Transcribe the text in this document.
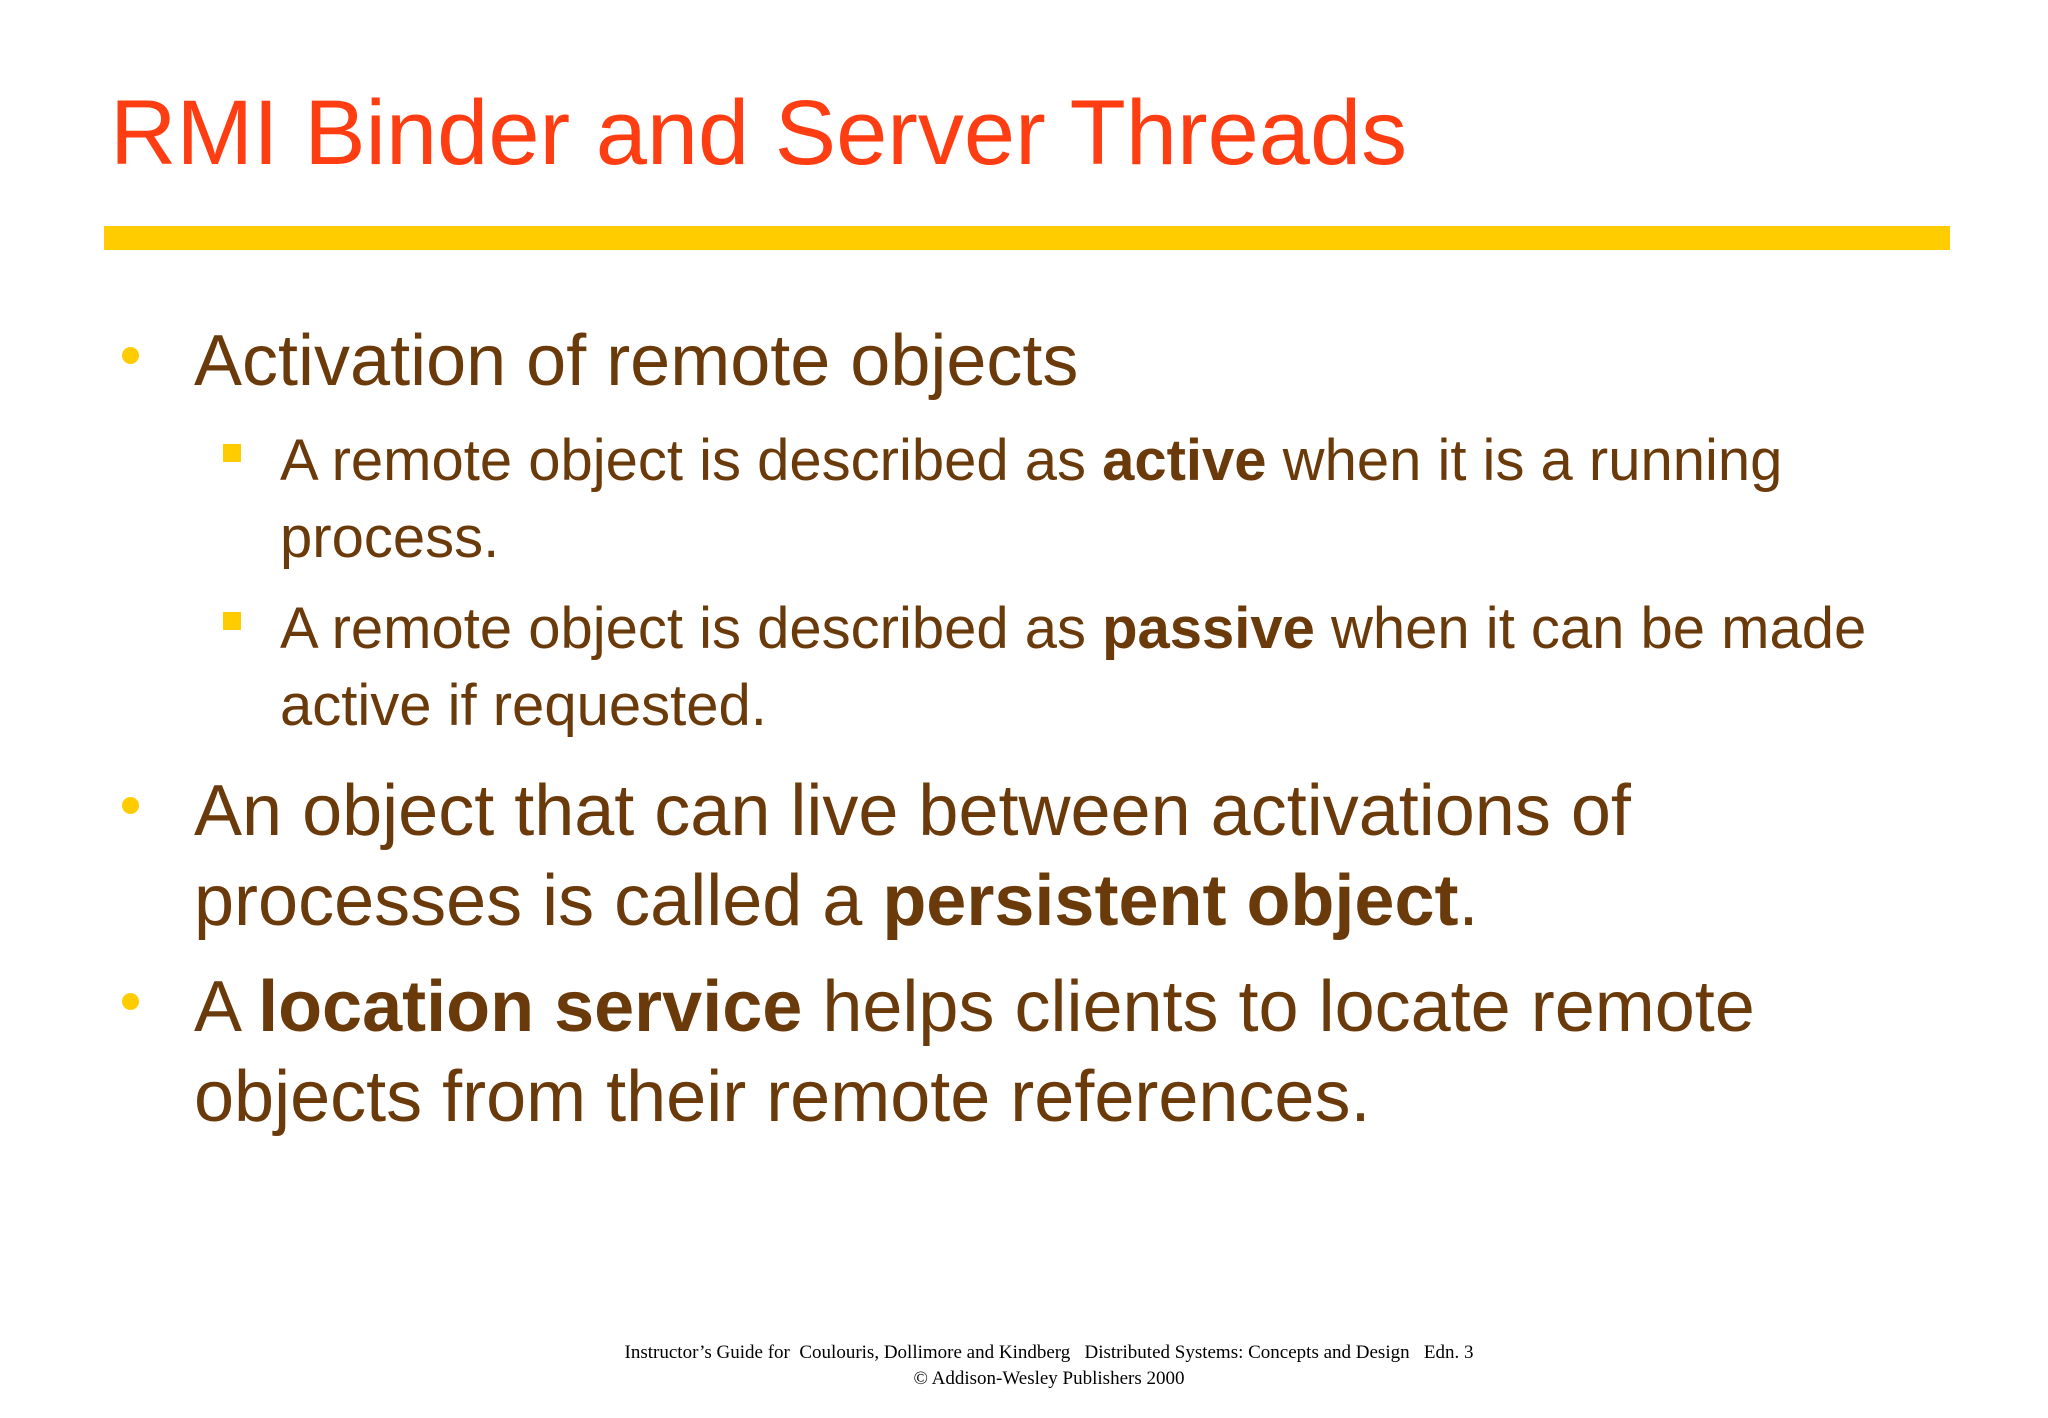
RMI Binder and Server Threads
Activation of remote objects
A remote object is described as active when it is a running process.
A remote object is described as passive when it can be made active if requested.
An object that can live between activations of processes is called a persistent object.
A location service helps clients to locate remote objects from their remote references.
Instructor’s Guide for  Coulouris, Dollimore and Kindberg   Distributed Systems: Concepts and Design   Edn. 3
© Addison-Wesley Publishers 2000
